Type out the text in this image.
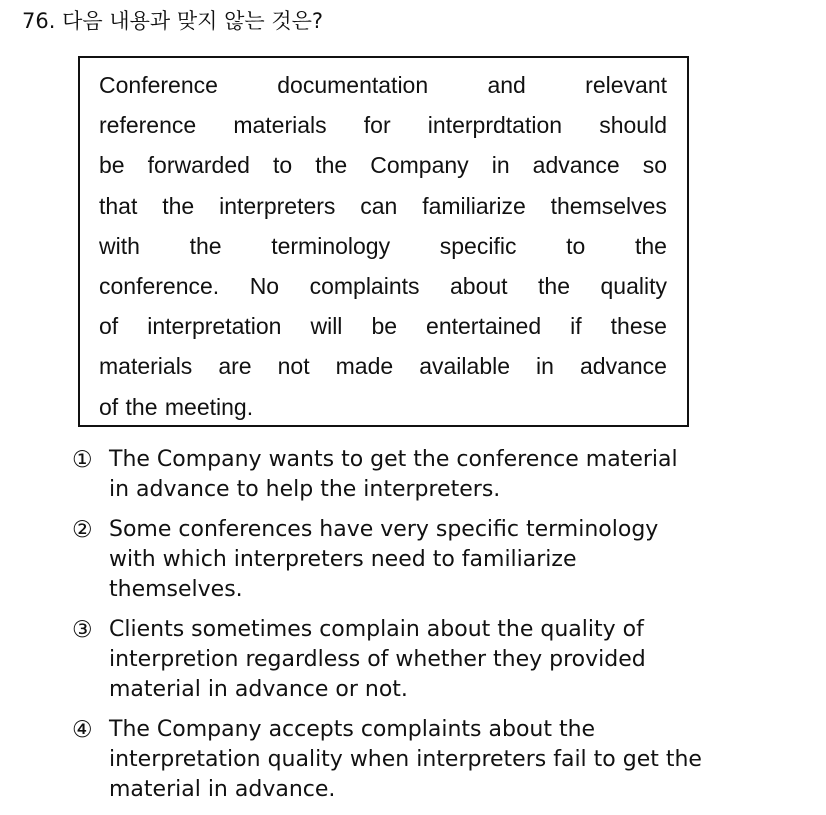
76. 다음 내용과 맞지 않는 것은?
Conference	documentation	and	relevant
reference materials for interprdtation should
be forwarded to the Company in advance so
that the interpreters can familiarize themselves
with the terminology specific to the
conference. No complaints about the quality
of interpretation will be entertained if these
materials are not made available in advance
of the meeting.
① The Company wants to get the conference material
in advance to help the interpreters.
② Some conferences have very specific terminology
with which interpreters need to familiarize
themselves.
③ Clients sometimes complain about the quality of
interpretion regardless of whether they provided
material in advance or not.
④ The Company accepts complaints about the
interpretation quality when interpreters fail to get the
material in advance.
